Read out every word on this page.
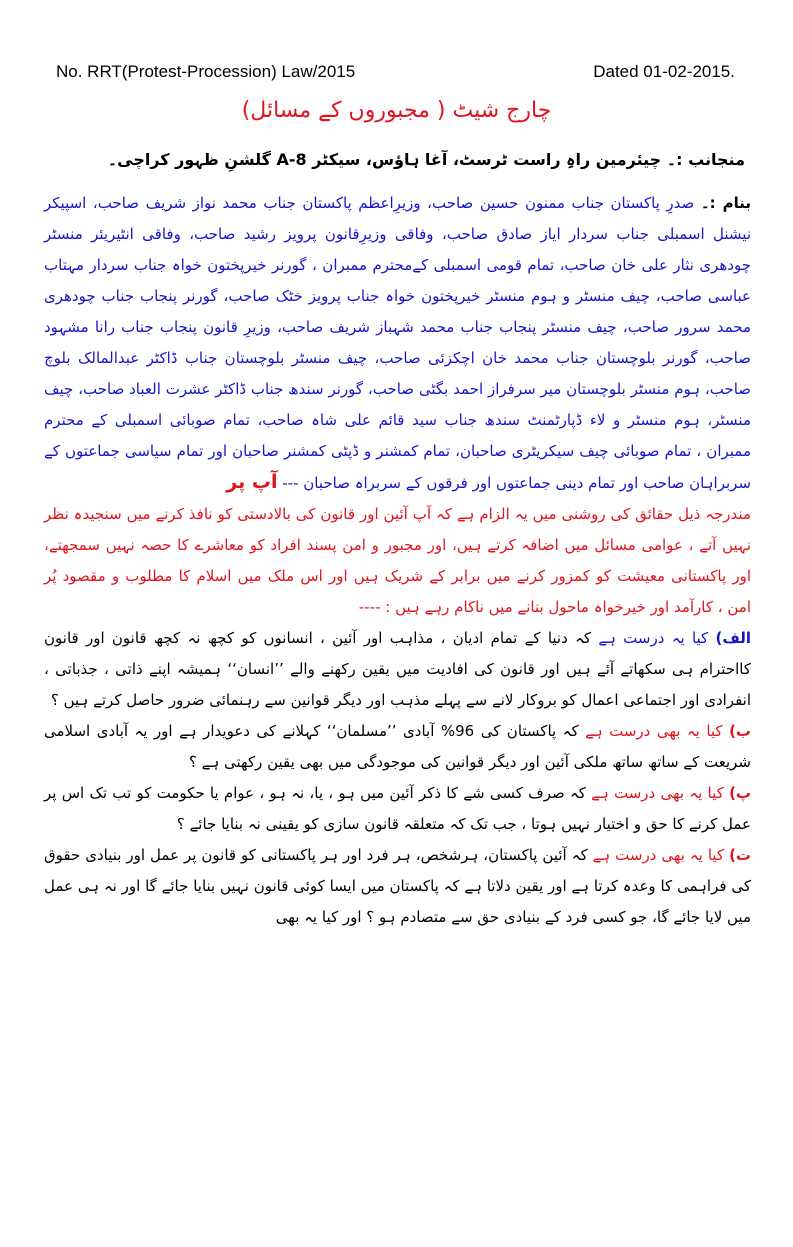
No. RRT(Protest-Procession) Law/2015	Dated 01-02-2015.
چارج شیٹ ( مجبوروں کے مسائل)
منجانب :۔ چیئرمین راہِ راست ٹرسٹ، آغا ہاؤس، سیکٹر 8-A گلشنِ ظہور کراچی۔

بنام :۔ صدرِ پاکستان جناب ممنون حسین صاحب، وزیرِاعظم پاکستان جناب محمد نواز شریف صاحب، اسپیکر نیشنل اسمبلی جناب سردار ایاز صادق صاحب، وفاقی وزیرِقانون پرویز رشید صاحب، وفاقی انٹیریئر منسٹر چودھری نثار علی خان صاحب، تمام قومی اسمبلی کےمحترم ممبران ، گورنر خیرپختون خواہ جناب سردار مہتاب عباسی صاحب، چیف منسٹر و ہوم منسٹر خیرپختون خواہ جناب پرویز خٹک صاحب، گورنر پنجاب جناب چودھری محمد سرور صاحب، چیف منسٹر پنجاب جناب محمد شہباز شریف صاحب، وزیرِ قانون پنجاب جناب رانا مشہود صاحب، گورنر بلوچستان جناب محمد خان اچکزئی صاحب، چیف منسٹر بلوچستان جناب ڈاکٹر عبدالمالک بلوچ صاحب، ہوم منسٹر بلوچستان میر سرفراز احمد بگٹی صاحب، گورنر سندھ جناب ڈاکٹر عشرت العباد صاحب، چیف منسٹر، ہوم منسٹر و لاء ڈپارٹمنٹ سندھ جناب سید قائم علی شاہ صاحب، تمام صوبائی اسمبلی کے محترم ممبران ، تمام صوبائی چیف سیکریٹری صاحبان، تمام کمشنر و ڈپٹی کمشنر صاحبان اور تمام سیاسی جماعتوں کے سربراہان صاحب اور تمام دینی جماعتوں اور فرقوں کے سربراہ صاحبان --- آپ پر

مندرجہ ذیل حقائق کی روشنی میں یہ الزام ہے کہ آپ آئین اور قانون کی بالادستی کو نافذ کرنے میں سنجیدہ نظر نہیں آتے ، عوامی مسائل میں اضافہ کرتے ہیں، اور مجبور و امن پسند افراد کو معاشرے کا حصہ نہیں سمجھتے، اور پاکستانی معیشت کو کمزور کرنے میں برابر کے شریک ہیں اور اس ملک میں اسلام کا مطلوب و مقصود پُر امن ، کارآمد اور خیرخواہ ماحول بنانے میں ناکام رہے ہیں : ----

الف) کیا یہ درست ہے کہ دنیا کے تمام ادیان ، مذاہب اور آئین ، انسانوں کو کچھ نہ کچھ قانون اور قانون کااحترام ہی سکھاتے آئے ہیں اور قانون کی افادیت میں یقین رکھنے والے ’’انسان‘‘ ہمیشہ اپنے ذاتی ، جذباتی ، انفرادی اور اجتماعی اعمال کو بروکار لانے سے پہلے مذہب اور دیگر قوانین سے رہنمائی ضرور حاصل کرتے ہیں ؟

ب) کیا یہ بھی درست ہے کہ پاکستان کی 96% آبادی ’’مسلمان‘‘ کہلانے کی دعویدار ہے اور یہ آبادی اسلامی شریعت کے ساتھ ساتھ ملکی آئین اور دیگر قوانین کی موجودگی میں بھی یقین رکھتی ہے ؟

پ) کیا یہ بھی درست ہے کہ صرف کسی شے کا ذکر آئین میں ہو ، یا، نہ ہو ، عوام یا حکومت کو تب تک اس پر عمل کرنے کا حق و اختیار نہیں ہوتا ، جب تک کہ متعلقہ قانون سازی کو یقینی نہ بنایا جائے ؟

ت) کیا یہ بھی درست ہے کہ آئین پاکستان، ہرشخص، ہر فرد اور ہر پاکستانی کو قانون پر عمل اور بنیادی حقوق کی فراہمی کا وعدہ کرتا ہے اور یقین دلاتا ہے کہ پاکستان میں ایسا کوئی قانون نہیں بنایا جائے گا اور نہ ہی عمل میں لایا جائے گا، جو کسی فرد کے بنیادی حق سے متصادم ہو ؟ اور کیا یہ بھی
